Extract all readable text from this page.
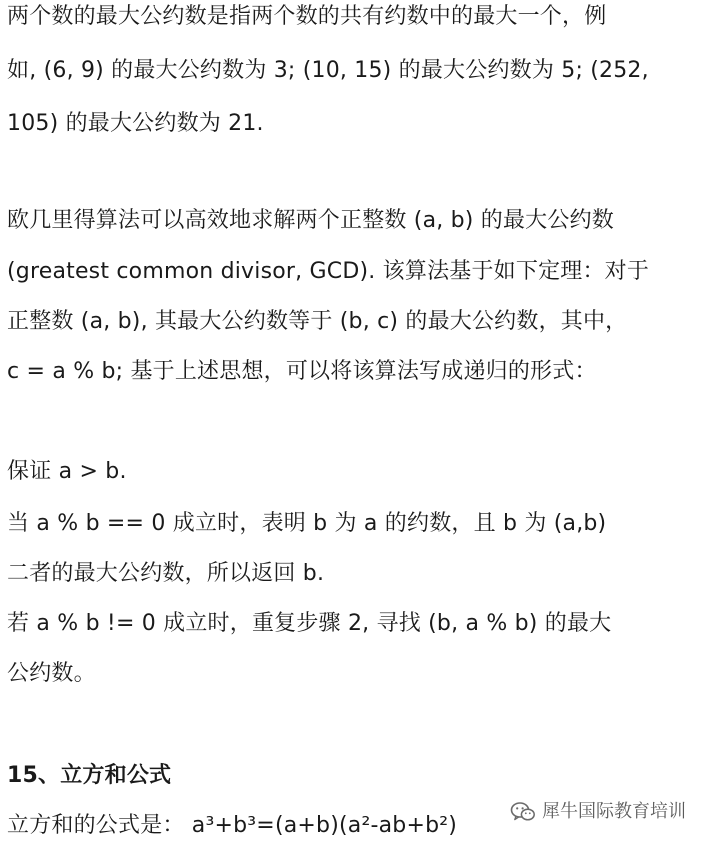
两个数的最大公约数是指两个数的共有约数中的最大一个，例
如, (6, 9) 的最大公约数为 3; (10, 15) 的最大公约数为 5; (252,
105) 的最大公约数为 21.
欧几里得算法可以高效地求解两个正整数 (a, b) 的最大公约数
(greatest common divisor, GCD). 该算法基于如下定理：对于
正整数 (a, b), 其最大公约数等于 (b, c) 的最大公约数，其中，
c = a % b; 基于上述思想，可以将该算法写成递归的形式：
保证 a > b.
当 a % b == 0 成立时，表明 b 为 a 的约数，且 b 为 (a,b)
二者的最大公约数，所以返回 b.
若 a % b != 0 成立时，重复步骤 2, 寻找 (b, a % b) 的最大
公约数。
15、立方和公式
立方和的公式是： a³+b³=(a+b)(a²-ab+b²)
犀牛国际教育培训
